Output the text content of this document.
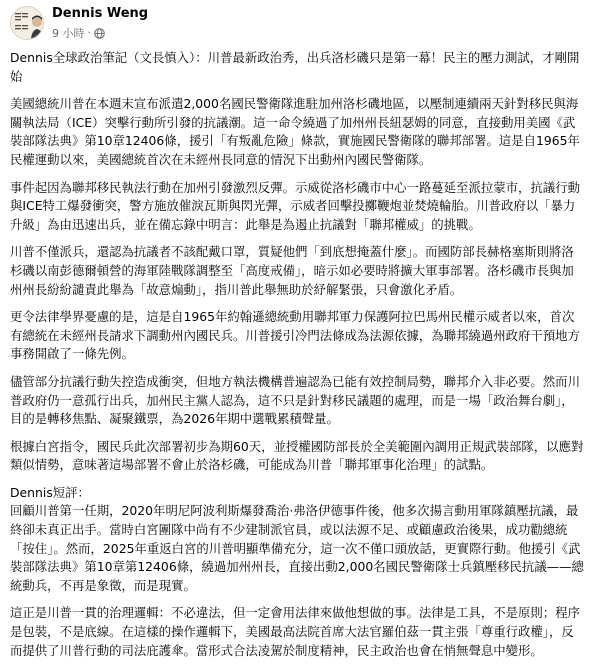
Dennis Weng
9 小時 ·

Dennis全球政治筆記（文長慎入）：川普最新政治秀，出兵洛杉磯只是第一幕！民主的壓力測試，才剛開始

美國總統川普在本週末宣布派遣2,000名國民警衛隊進駐加州洛杉磯地區，以壓制連續兩天針對移民與海關執法局（ICE）突擊行動所引發的抗議潮。這一命令繞過了加州州長紐瑟姆的同意，直接動用美國《武裝部隊法典》第10章12406條，援引「有叛亂危險」條款，實施國民警衛隊的聯邦部署。這是自1965年民權運動以來，美國總統首次在未經州長同意的情況下出動州內國民警衛隊。

事件起因為聯邦移民執法行動在加州引發激烈反彈。示威從洛杉磯市中心一路蔓延至派拉蒙市，抗議行動與ICE特工爆發衝突，警方施放催淚瓦斯與閃光彈，示威者回擊投擲鞭炮並焚燒輪胎。川普政府以「暴力升級」為由迅速出兵，並在備忘錄中明言：此舉是為遏止抗議對「聯邦權威」的挑戰。

川普不僅派兵，還認為抗議者不該配戴口罩，質疑他們「到底想掩蓋什麼」。而國防部長赫格塞斯則將洛杉磯以南彭德爾頓營的海軍陸戰隊調整至「高度戒備」，暗示如必要時將擴大軍事部署。洛杉磯市長與加州州長紛紛譴責此舉為「故意煽動」，指川普此舉無助於紓解緊張，只會激化矛盾。

更令法律學界憂慮的是，這是自1965年約翰遜總統動用聯邦軍力保護阿拉巴馬州民權示威者以來，首次有總統在未經州長請求下調動州內國民兵。川普援引冷門法條成為法源依據，為聯邦繞過州政府干預地方事務開啟了一條先例。

儘管部分抗議行動失控造成衝突，但地方執法機構普遍認為已能有效控制局勢，聯邦介入非必要。然而川普政府仍一意孤行出兵，加州民主黨人認為，這不只是針對移民議題的處理，而是一場「政治舞台劇」，目的是轉移焦點、凝聚鐵票，為2026年期中選戰累積聲量。

根據白宮指令，國民兵此次部署初步為期60天，並授權國防部長於全美範圍內調用正規武裝部隊，以應對類似情勢，意味著這場部署不會止於洛杉磯，可能成為川普「聯邦軍事化治理」的試點。

Dennis短評：

回顧川普第一任期，2020年明尼阿波利斯爆發喬治·弗洛伊德事件後，他多次揚言動用軍隊鎮壓抗議，最終卻未真正出手。當時白宮團隊中尚有不少建制派官員，或以法源不足、或顧慮政治後果，成功勸總統「按住」。然而，2025年重返白宮的川普明顯準備充分，這一次不僅口頭放話，更實際行動。他援引《武裝部隊法典》第10章第12406條，繞過加州州長，直接出動2,000名國民警衛隊士兵鎮壓移民抗議——總統動兵，不再是象徵，而是現實。

這正是川普一貫的治理邏輯：不必違法，但一定會用法律來做他想做的事。法律是工具，不是原則；程序是包裝，不是底線。在這樣的操作邏輯下，美國最高法院首席大法官羅伯茲一貫主張「尊重行政權」，反而提供了川普行動的司法庇護傘。當形式合法凌駕於制度精神，民主政治也會在悄無聲息中變形。
